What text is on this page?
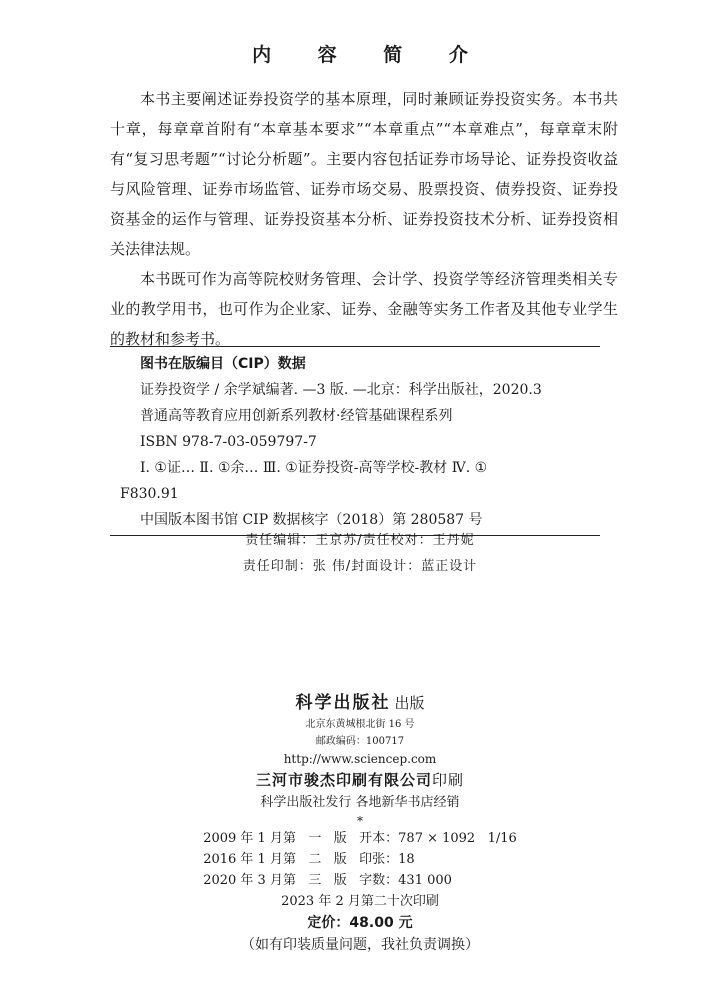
内 容 简 介

本书主要阐述证券投资学的基本原理，同时兼顾证券投资实务。本书共十章，每章章首附有“本章基本要求”“本章重点”“本章难点”，每章章末附有“复习思考题”“讨论分析题”。主要内容包括证券市场导论、证券投资收益与风险管理、证券市场监管、证券市场交易、股票投资、债券投资、证券投资基金的运作与管理、证券投资基本分析、证券投资技术分析、证券投资相关法律法规。

本书既可作为高等院校财务管理、会计学、投资学等经济管理类相关专业的教学用书，也可作为企业家、证券、金融等实务工作者及其他专业学生的教材和参考书。

图书在版编目（CIP）数据
证券投资学 / 余学斌编著. —3 版. —北京：科学出版社，2020.3
普通高等教育应用创新系列教材·经管基础课程系列
ISBN 978-7-03-059797-7
Ⅰ. ①证… Ⅱ. ①余… Ⅲ. ①证券投资-高等学校-教材 Ⅳ. ①
F830.91
中国版本图书馆 CIP 数据核字（2018）第 280587 号
责任编辑：王京苏/责任校对：王丹妮
责任印制：张 伟/封面设计：蓝正设计
科学出版社 出版
北京东黄城根北街 16 号
邮政编码：100717
http://www.sciencep.com
三河市骏杰印刷有限公司印刷
科学出版社发行 各地新华书店经销
*
2009 年 1 月第   一   版   开本：787 × 1092   1/16
2016 年 1 月第   二   版   印张：18
2020 年 3 月第   三   版   字数：431 000
2023 年 2 月第二十次印刷
定价：48.00 元
（如有印装质量问题，我社负责调换）
